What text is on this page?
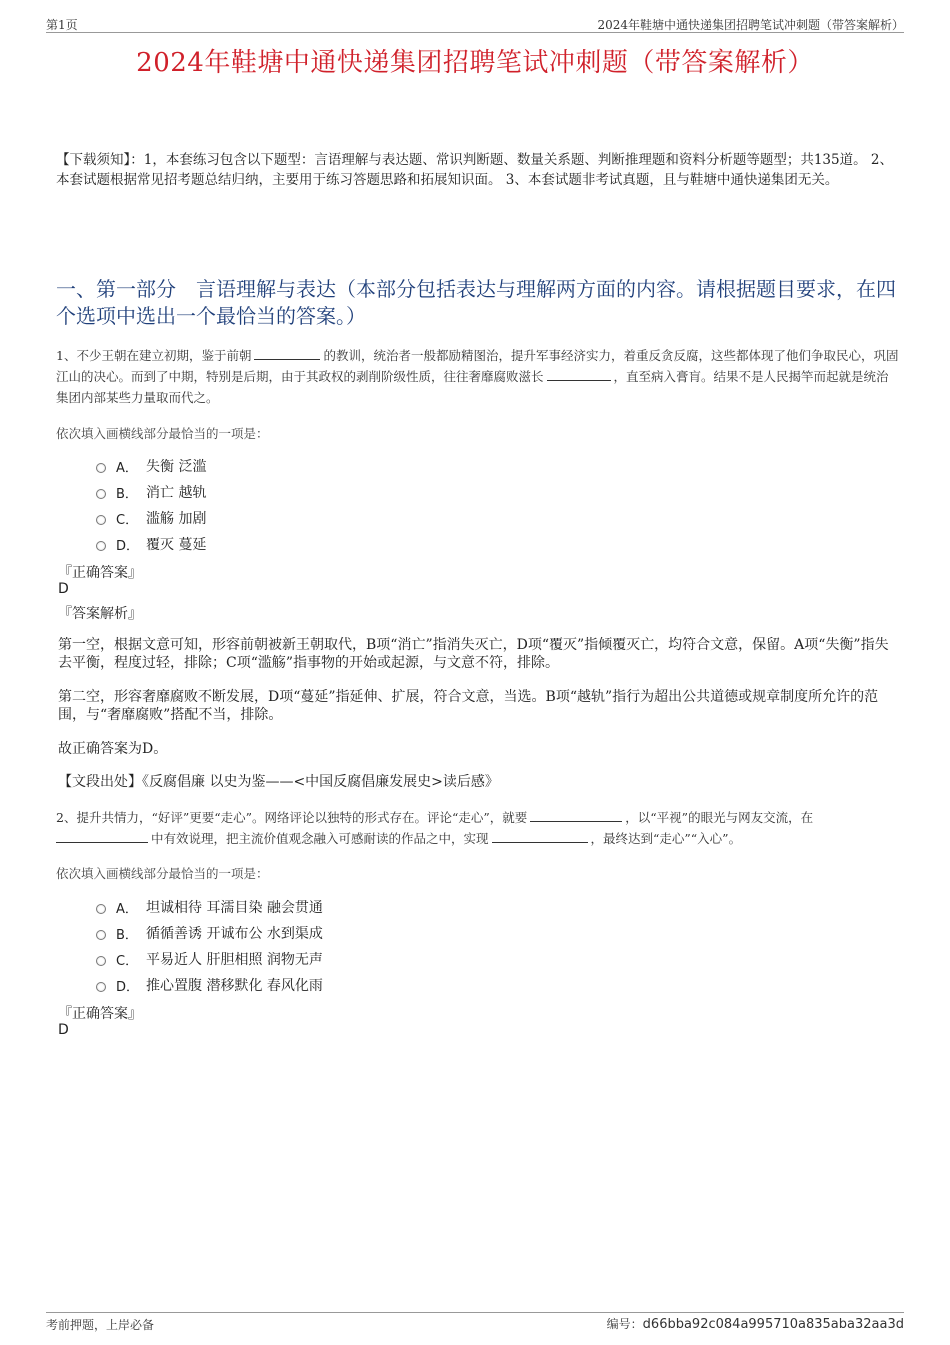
第1页	2024年鞋塘中通快递集团招聘笔试冲刺题（带答案解析）
2024年鞋塘中通快递集团招聘笔试冲刺题（带答案解析）
【下载须知】：1，本套练习包含以下题型：言语理解与表达题、常识判断题、数量关系题、判断推理题和资料分析题等题型；共135道。 2、本套试题根据常见招考题总结归纳，主要用于练习答题思路和拓展知识面。 3、本套试题非考试真题，且与鞋塘中通快递集团无关。
一、第一部分　言语理解与表达（本部分包括表达与理解两方面的内容。请根据题目要求，在四个选项中选出一个最恰当的答案。）
1、不少王朝在建立初期，鉴于前朝	的教训，统治者一般都励精图治，提升军事经济实力，着重反贪反腐，这些都体现了他们争取民心，巩固江山的决心。而到了中期，特别是后期，由于其政权的剥削阶级性质，往往奢靡腐败滋长	，直至病入膏肓。结果不是人民揭竿而起就是统治集团内部某些力量取而代之。
依次填入画横线部分最恰当的一项是：
A． 失衡 泛滥
B． 消亡 越轨
C． 滥觞 加剧
D． 覆灭 蔓延
『正确答案』
D
『答案解析』
第一空，根据文意可知，形容前朝被新王朝取代，B项“消亡”指消失灭亡，D项“覆灭”指倾覆灭亡，均符合文意，保留。A项“失衡”指失去平衡，程度过轻，排除；C项“滥觞”指事物的开始或起源，与文意不符，排除。
第二空，形容奢靡腐败不断发展，D项“蔓延”指延伸、扩展，符合文意，当选。B项“越轨”指行为超出公共道德或规章制度所允许的范围，与“奢靡腐败”搭配不当，排除。
故正确答案为D。
【文段出处】《反腐倡廉 以史为鉴——<中国反腐倡廉发展史>读后感》
2、提升共情力，“好评”更要“走心”。网络评论以独特的形式存在。评论“走心”，就要	，以“平视”的眼光与网友交流，在
中有效说理，把主流价值观念融入可感耐读的作品之中，实现	，最终达到“走心”“入心”。
依次填入画横线部分最恰当的一项是：
A． 坦诚相待 耳濡目染 融会贯通
B． 循循善诱 开诚布公 水到渠成
C． 平易近人 肝胆相照 润物无声
D． 推心置腹 潜移默化 春风化雨
『正确答案』
D
考前押题，上岸必备	编号：d66bba92c084a995710a835aba32aa3d
